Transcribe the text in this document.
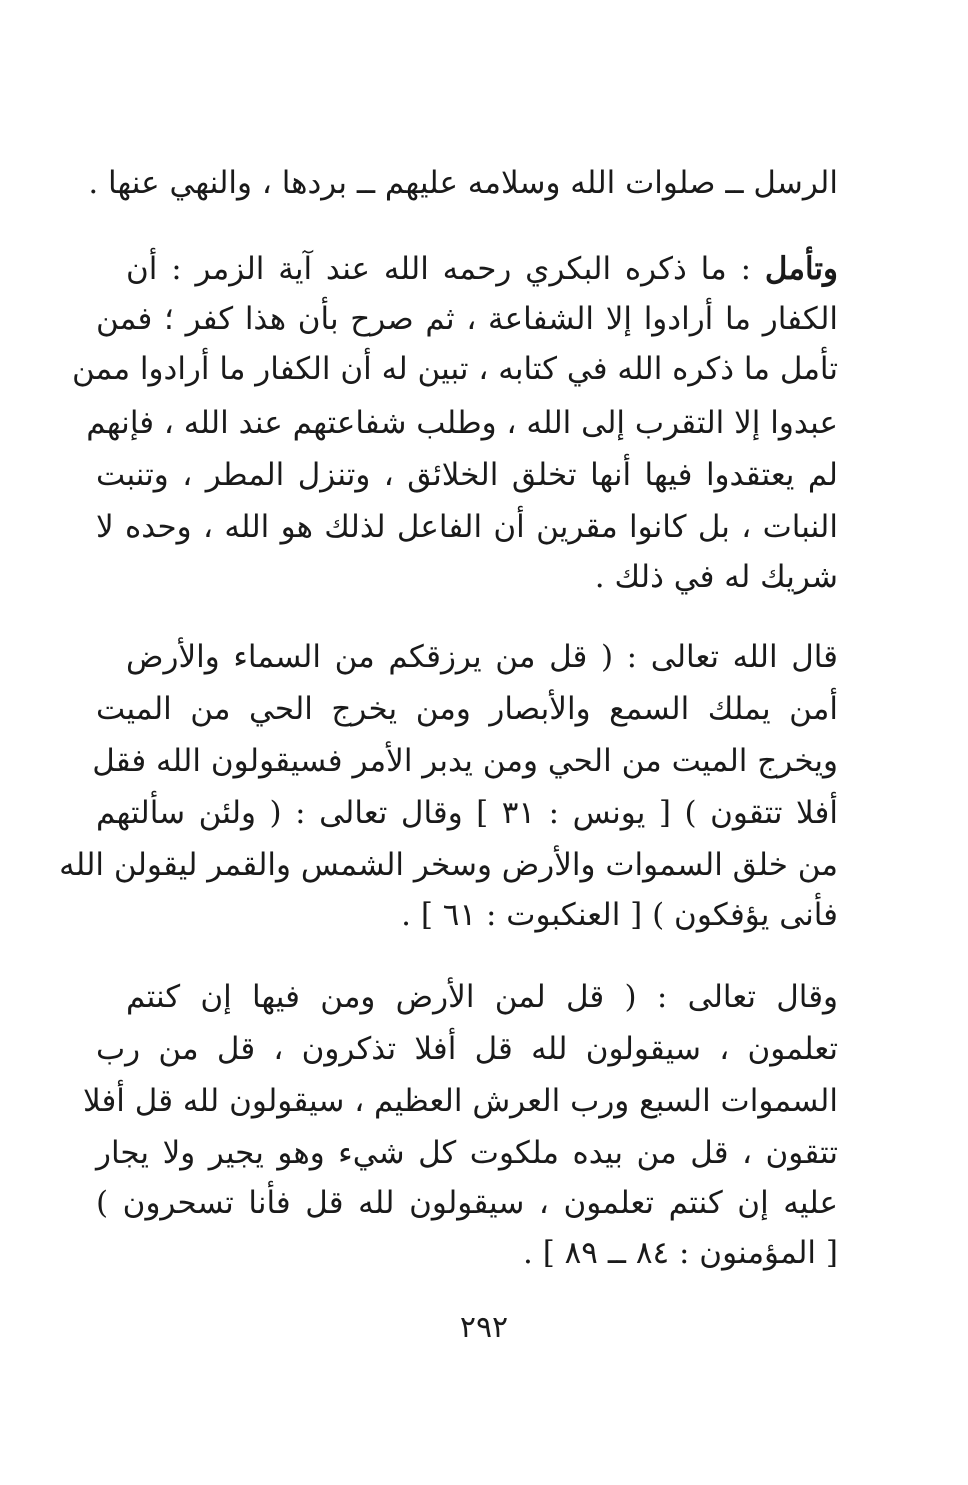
الرسل ــ صلوات الله وسلامه عليهم ــ بردها ، والنهي عنها .
وتأمل : ما ذكره البكري رحمه الله عند آية الزمر : أن
الكفار ما أرادوا إلا الشفاعة ، ثم صرح بأن هذا كفر ؛ فمن
تأمل ما ذكره الله في كتابه ، تبين له أن الكفار ما أرادوا ممن
عبدوا إلا التقرب إلى الله ، وطلب شفاعتهم عند الله ، فإنهم
لم يعتقدوا فيها أنها تخلق الخلائق ، وتنزل المطر ، وتنبت
النبات ، بل كانوا مقرين أن الفاعل لذلك هو الله ، وحده لا
شريك له في ذلك .
قال الله تعالى : ( قل من يرزقكم من السماء والأرض
أمن يملك السمع والأبصار ومن يخرج الحي من الميت
ويخرج الميت من الحي ومن يدبر الأمر فسيقولون الله فقل
أفلا تتقون ) [ يونس : ٣١ ] وقال تعالى : ( ولئن سألتهم
من خلق السموات والأرض وسخر الشمس والقمر ليقولن الله
فأنى يؤفكون ) [ العنكبوت : ٦١ ] .
وقال تعالى : ( قل لمن الأرض ومن فيها إن كنتم
تعلمون ، سيقولون لله قل أفلا تذكرون ، قل من رب
السموات السبع ورب العرش العظيم ، سيقولون لله قل أفلا
تتقون ، قل من بيده ملكوت كل شيء وهو يجير ولا يجار
عليه إن كنتم تعلمون ، سيقولون لله قل فأنا تسحرون )
[ المؤمنون : ٨٤ ــ ٨٩ ] .
٢٩٢
